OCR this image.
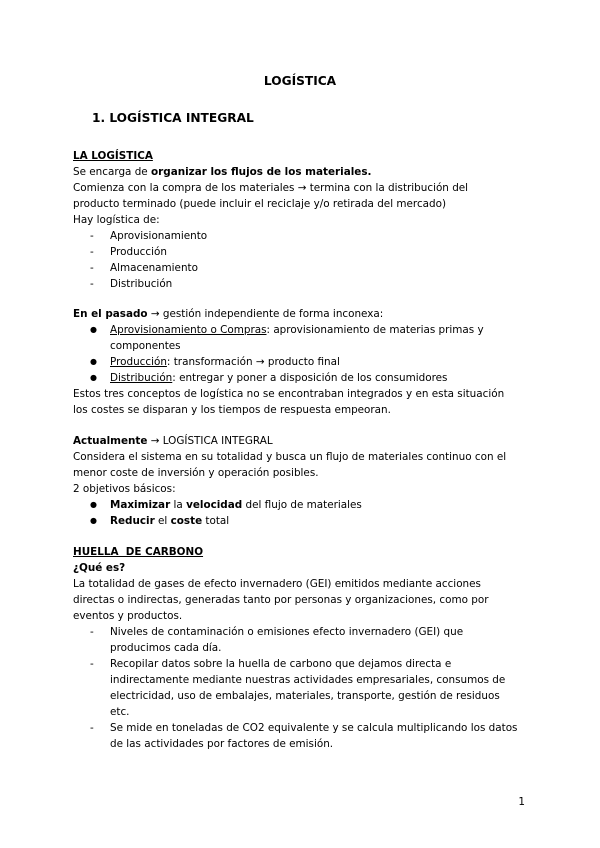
LOGÍSTICA
1. LOGÍSTICA INTEGRAL
LA LOGÍSTICA
Se encarga de organizar los flujos de los materiales.
Comienza con la compra de los materiales → termina con la distribución del
producto terminado (puede incluir el reciclaje y/o retirada del mercado)
Hay logística de:
- Aprovisionamiento
- Producción
- Almacenamiento
- Distribución
En el pasado → gestión independiente de forma inconexa:
● Aprovisionamiento o Compras: aprovisionamiento de materias primas y
componentes
● Producción: transformación → producto final
● Distribución: entregar y poner a disposición de los consumidores
Estos tres conceptos de logística no se encontraban integrados y en esta situación
los costes se disparan y los tiempos de respuesta empeoran.
Actualmente → LOGÍSTICA INTEGRAL
Considera el sistema en su totalidad y busca un flujo de materiales continuo con el
menor coste de inversión y operación posibles.
2 objetivos básicos:
● Maximizar la velocidad del flujo de materiales
● Reducir el coste total
HUELLA  DE CARBONO
¿Qué es?
La totalidad de gases de efecto invernadero (GEI) emitidos mediante acciones
directas o indirectas, generadas tanto por personas y organizaciones, como por
eventos y productos.
- Niveles de contaminación o emisiones efecto invernadero (GEI) que
producimos cada día.
- Recopilar datos sobre la huella de carbono que dejamos directa e
indirectamente mediante nuestras actividades empresariales, consumos de
electricidad, uso de embalajes, materiales, transporte, gestión de residuos
etc.
- Se mide en toneladas de CO2 equivalente y se calcula multiplicando los datos
de las actividades por factores de emisión.
1
